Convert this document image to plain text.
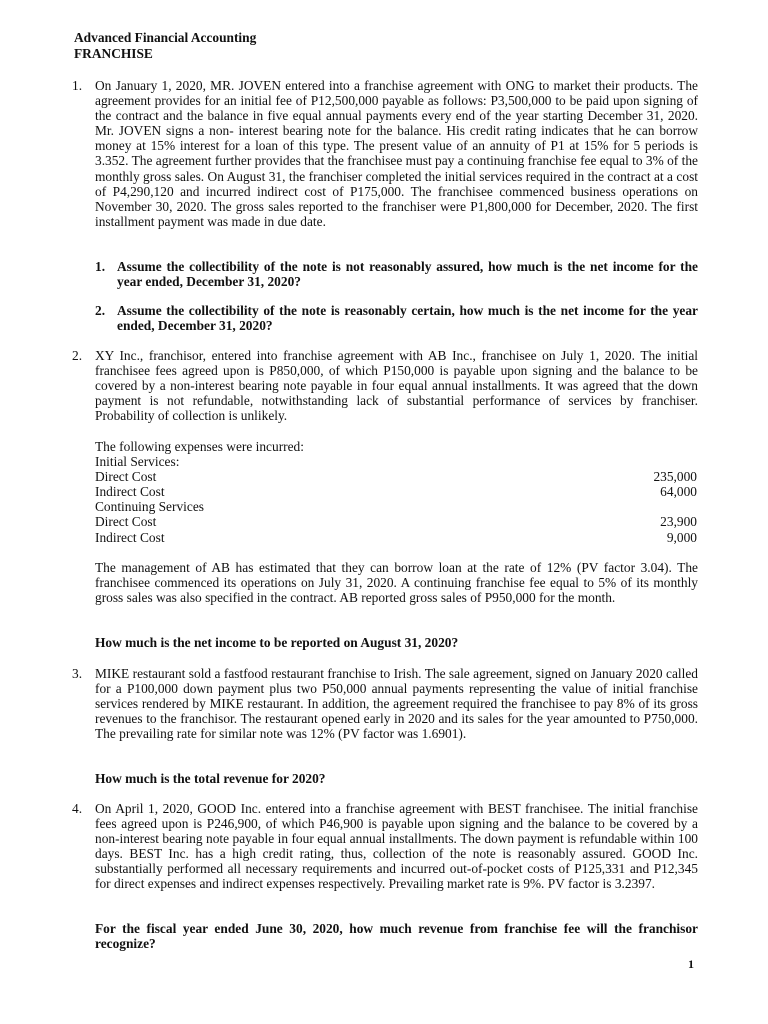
Advanced Financial Accounting
FRANCHISE
1. On January 1, 2020, MR. JOVEN entered into a franchise agreement with ONG to market their products. The agreement provides for an initial fee of P12,500,000 payable as follows: P3,500,000 to be paid upon signing of the contract and the balance in five equal annual payments every end of the year starting December 31, 2020. Mr. JOVEN signs a non- interest bearing note for the balance. His credit rating indicates that he can borrow money at 15% interest for a loan of this type. The present value of an annuity of P1 at 15% for 5 periods is 3.352. The agreement further provides that the franchisee must pay a continuing franchise fee equal to 3% of the monthly gross sales. On August 31, the franchiser completed the initial services required in the contract at a cost of P4,290,120 and incurred indirect cost of P175,000. The franchisee commenced business operations on November 30, 2020. The gross sales reported to the franchiser were P1,800,000 for December, 2020. The first installment payment was made in due date.
1. Assume the collectibility of the note is not reasonably assured, how much is the net income for the year ended, December 31, 2020?
2. Assume the collectibility of the note is reasonably certain, how much is the net income for the year ended, December 31, 2020?
2. XY Inc., franchisor, entered into franchise agreement with AB Inc., franchisee on July 1, 2020. The initial franchisee fees agreed upon is P850,000, of which P150,000 is payable upon signing and the balance to be covered by a non-interest bearing note payable in four equal annual installments. It was agreed that the down payment is not refundable, notwithstanding lack of substantial performance of services by franchiser. Probability of collection is unlikely.
The following expenses were incurred:
Initial Services:
Direct Cost	235,000
Indirect Cost	64,000
Continuing Services
Direct Cost	23,900
Indirect Cost	9,000
The management of AB has estimated that they can borrow loan at the rate of 12% (PV factor 3.04). The franchisee commenced its operations on July 31, 2020. A continuing franchise fee equal to 5% of its monthly gross sales was also specified in the contract. AB reported gross sales of P950,000 for the month.
How much is the net income to be reported on August 31, 2020?
3. MIKE restaurant sold a fastfood restaurant franchise to Irish. The sale agreement, signed on January 2020 called for a P100,000 down payment plus two P50,000 annual payments representing the value of initial franchise services rendered by MIKE restaurant. In addition, the agreement required the franchisee to pay 8% of its gross revenues to the franchisor. The restaurant opened early in 2020 and its sales for the year amounted to P750,000. The prevailing rate for similar note was 12% (PV factor was 1.6901).
How much is the total revenue for 2020?
4. On April 1, 2020, GOOD Inc. entered into a franchise agreement with BEST franchisee. The initial franchise fees agreed upon is P246,900, of which P46,900 is payable upon signing and the balance to be covered by a non-interest bearing note payable in four equal annual installments. The down payment is refundable within 100 days. BEST Inc. has a high credit rating, thus, collection of the note is reasonably assured. GOOD Inc. substantially performed all necessary requirements and incurred out-of-pocket costs of P125,331 and P12,345 for direct expenses and indirect expenses respectively. Prevailing market rate is 9%. PV factor is 3.2397.
For the fiscal year ended June 30, 2020, how much revenue from franchise fee will the franchisor recognize?
1
